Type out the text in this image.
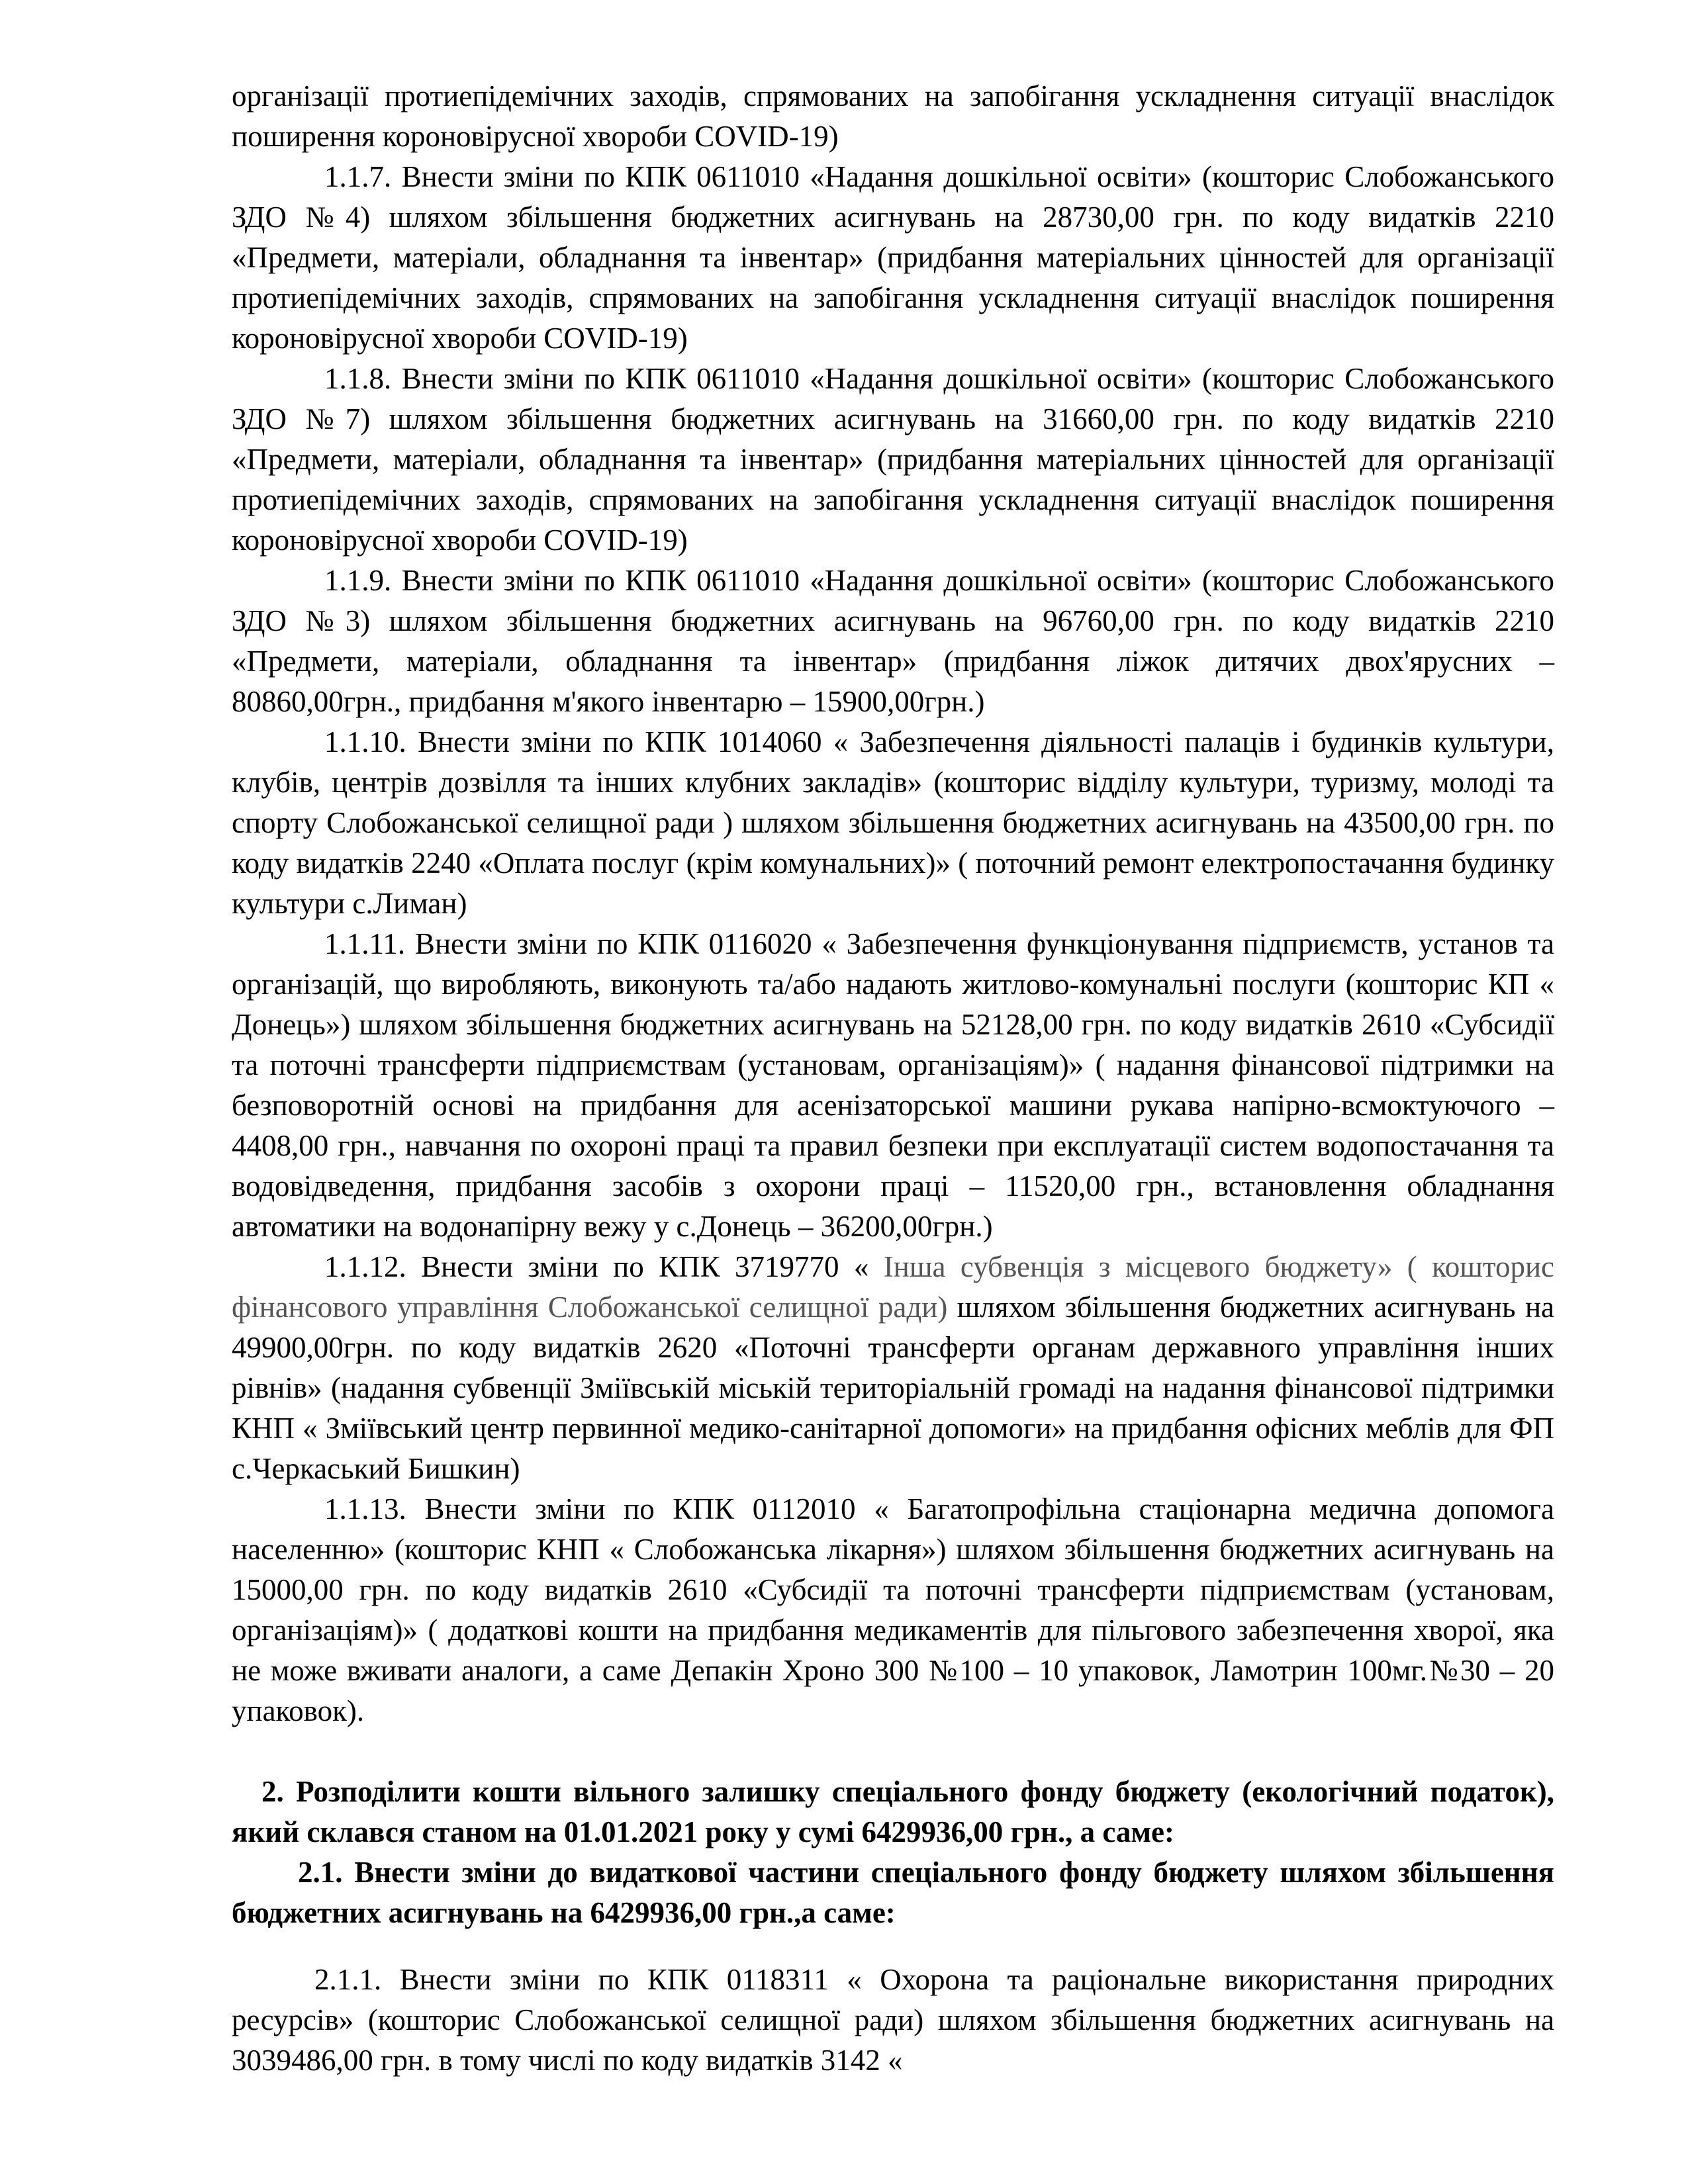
організації протиепідемічних заходів, спрямованих на запобігання ускладнення ситуації внаслідок поширення короновірусної хвороби COVID-19)

1.1.7. Внести зміни по КПК 0611010 «Надання дошкільної освіти» (кошторис Слобожанського ЗДО №4) шляхом збільшення бюджетних асигнувань на 28730,00 грн. по коду видатків 2210 «Предмети, матеріали, обладнання та інвентар» (придбання матеріальних цінностей для організації протиепідемічних заходів, спрямованих на запобігання ускладнення ситуації внаслідок поширення короновірусної хвороби COVID-19)

1.1.8. Внести зміни по КПК 0611010 «Надання дошкільної освіти» (кошторис Слобожанського ЗДО №7) шляхом збільшення бюджетних асигнувань на 31660,00 грн. по коду видатків 2210 «Предмети, матеріали, обладнання та інвентар» (придбання матеріальних цінностей для організації протиепідемічних заходів, спрямованих на запобігання ускладнення ситуації внаслідок поширення короновірусної хвороби COVID-19)

1.1.9. Внести зміни по КПК 0611010 «Надання дошкільної освіти» (кошторис Слобожанського ЗДО №3) шляхом збільшення бюджетних асигнувань на 96760,00 грн. по коду видатків 2210 «Предмети, матеріали, обладнання та інвентар» (придбання ліжок дитячих двох'ярусних – 80860,00грн., придбання м'якого інвентарю – 15900,00грн.)

1.1.10. Внести зміни по КПК 1014060 « Забезпечення діяльності палаців і будинків культури, клубів, центрів дозвілля та інших клубних закладів» (кошторис відділу культури, туризму, молоді та спорту Слобожанської селищної ради ) шляхом збільшення бюджетних асигнувань на 43500,00 грн. по коду видатків 2240 «Оплата послуг (крім комунальних)» ( поточний ремонт електропостачання будинку культури с.Лиман)

1.1.11. Внести зміни по КПК 0116020 « Забезпечення функціонування підприємств, установ та організацій, що виробляють, виконують та/або надають житлово-комунальні послуги (кошторис КП « Донець») шляхом збільшення бюджетних асигнувань на 52128,00 грн. по коду видатків 2610 «Субсидії та поточні трансферти підприємствам (установам, організаціям)» ( надання фінансової підтримки на безповоротній основі на придбання для асенізаторської машини рукава напірно-всмоктуючого – 4408,00 грн., навчання по охороні праці та правил безпеки при експлуатації систем водопостачання та водовідведення, придбання засобів з охорони праці – 11520,00 грн., встановлення обладнання автоматики на водонапірну вежу у с.Донець – 36200,00грн.)

1.1.12. Внести зміни по КПК 3719770 « Інша субвенція з місцевого бюджету» ( кошторис фінансового управління Слобожанської селищної ради) шляхом збільшення бюджетних асигнувань на 49900,00грн. по коду видатків 2620 «Поточні трансферти органам державного управління інших рівнів» (надання субвенції Зміївській міській територіальній громаді на надання фінансової підтримки КНП « Зміївський центр первинної медико-санітарної допомоги» на придбання офісних меблів для ФП с.Черкаський Бишкин)

1.1.13. Внести зміни по КПК 0112010 « Багатопрофільна стаціонарна медична допомога населенню» (кошторис КНП « Слобожанська лікарня») шляхом збільшення бюджетних асигнувань на 15000,00 грн. по коду видатків 2610 «Субсидії та поточні трансферти підприємствам (установам, організаціям)» ( додаткові кошти на придбання медикаментів для пільгового забезпечення хворої, яка не може вживати аналоги, а саме Депакін Хроно 300 №100 – 10 упаковок, Ламотрин 100мг.№30 – 20 упаковок).

2. Розподілити кошти вільного залишку спеціального фонду бюджету (екологічний податок), який склався станом на 01.01.2021 року у сумі 6429936,00 грн., а саме:

2.1. Внести зміни до видаткової частини спеціального фонду бюджету шляхом збільшення бюджетних асигнувань на 6429936,00 грн.,а саме:

2.1.1. Внести зміни по КПК 0118311 « Охорона та раціональне використання природних ресурсів» (кошторис Слобожанської селищної ради) шляхом збільшення бюджетних асигнувань на 3039486,00 грн. в тому числі по коду видатків 3142 «
